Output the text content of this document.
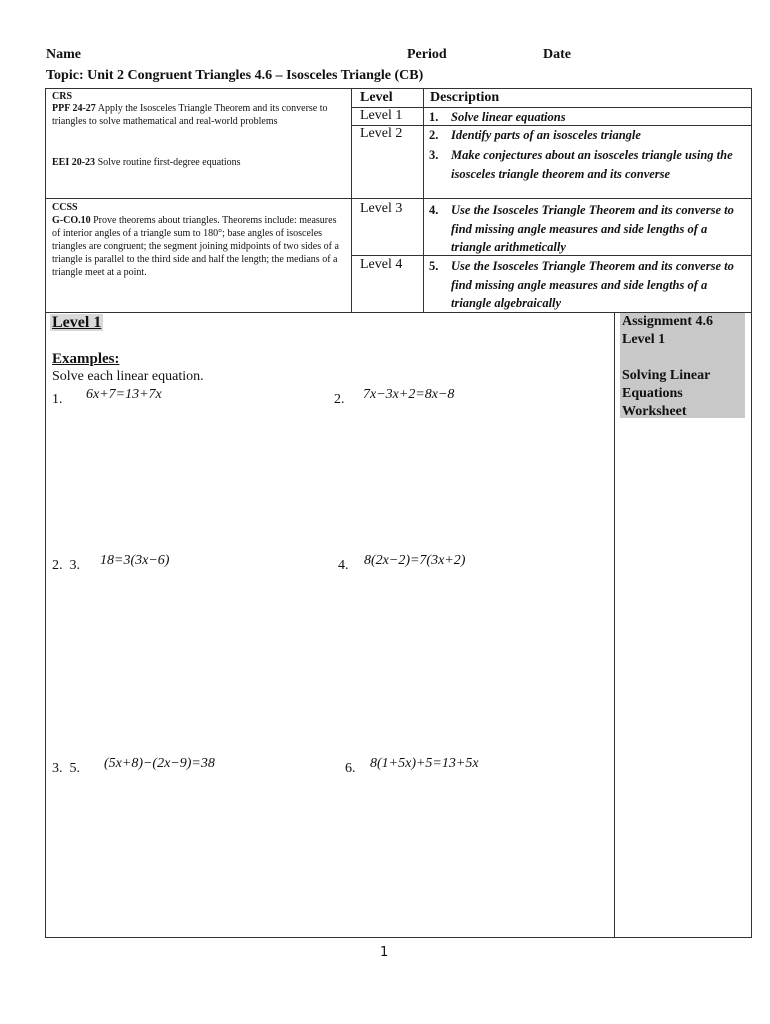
Name	Period	Date
Topic: Unit 2 Congruent Triangles 4.6 – Isosceles Triangle (CB)
CRS
PPF 24-27 Apply the Isosceles Triangle Theorem and its converse to triangles to solve mathematical and real-world problems
EEI 20-23 Solve routine first-degree equations
CCSS
G-CO.10 Prove theorems about triangles. Theorems include: measures of interior angles of a triangle sum to 180°; base angles of isosceles triangles are congruent; the segment joining midpoints of two sides of a triangle is parallel to the third side and half the length; the medians of a triangle meet at a point.
Level	Description
Level 1 1. Solve linear equations
Level 2 2. Identify parts of an isosceles triangle
3.	Make conjectures about an isosceles triangle using the isosceles triangle theorem and its converse
Level 3 4.	Use the Isosceles Triangle Theorem and its converse to find missing angle measures and side lengths of a triangle arithmetically
Level 4 5.	Use the Isosceles Triangle Theorem and its converse to find missing angle measures and side lengths of a triangle algebraically
Assignment 4.6
Level 1
Solving Linear
Equations
Worksheet
Level 1
Examples:
Solve each linear equation.
1. 6x+7=13+7x	2. 7x−3x+2=8x−8
2.  3. 18=3(3x−6)	4. 8(2x−2)=7(3x+2)
3.  5. (5x+8)−(2x−9)=38	6. 8(1+5x)+5=13+5x
1
